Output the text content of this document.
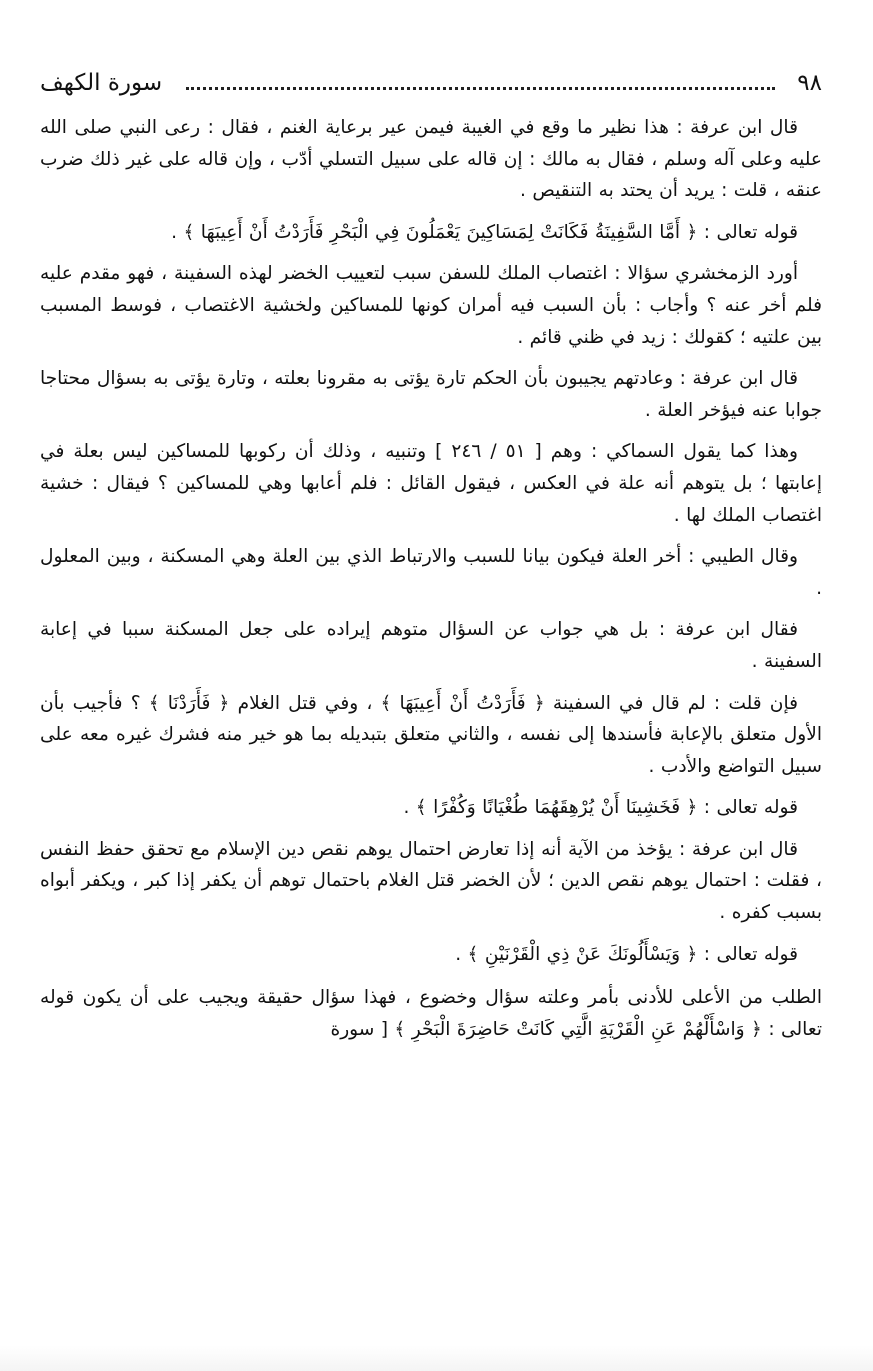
٩٨
سورة الكهف

قال ابن عرفة : هذا نظير ما وقع في الغيبة فيمن عير برعاية الغنم ، فقال : رعى النبي صلى الله عليه وعلى آله وسلم ، فقال به مالك : إن قاله على سبيل التسلي أدّب ، وإن قاله على غير ذلك ضرب عنقه ، قلت : يريد أن يحتد به التنقيص .

قوله تعالى : ﴿ أَمَّا السَّفِينَةُ فَكَانَتْ لِمَسَاكِينَ يَعْمَلُونَ فِي الْبَحْرِ فَأَرَدْتُ أَنْ أَعِيبَهَا ﴾ .

أورد الزمخشري سؤالا : اغتصاب الملك للسفن سبب لتعييب الخضر لهذه السفينة ، فهو مقدم عليه فلم أخر عنه ؟ وأجاب : بأن السبب فيه أمران كونها للمساكين ولخشية الاغتصاب ، فوسط المسبب بين علتيه ؛ كقولك : زيد في ظني قائم .

قال ابن عرفة : وعادتهم يجيبون بأن الحكم تارة يؤتى به مقرونا بعلته ، وتارة يؤتى به بسؤال محتاجا جوابا عنه فيؤخر العلة .

وهذا كما يقول السماكي : وهم [ ٥١ / ٢٤٦ ] وتنبيه ، وذلك أن ركوبها للمساكين ليس بعلة في إعابتها ؛ بل يتوهم أنه علة في العكس ، فيقول القائل : فلم أعابها وهي للمساكين ؟ فيقال : خشية اغتصاب الملك لها .

وقال الطيبي : أخر العلة فيكون بيانا للسبب والارتباط الذي بين العلة وهي المسكنة ، وبين المعلول .

فقال ابن عرفة : بل هي جواب عن السؤال متوهم إيراده على جعل المسكنة سببا في إعابة السفينة .

فإن قلت : لم قال في السفينة ﴿ فَأَرَدْتُ أَنْ أَعِيبَهَا ﴾ ، وفي قتل الغلام ﴿ فَأَرَدْنَا ﴾ ؟ فأجيب بأن الأول متعلق بالإعابة فأسندها إلى نفسه ، والثاني متعلق بتبديله بما هو خير منه فشرك غيره معه على سبيل التواضع والأدب .

قوله تعالى : ﴿ فَخَشِينَا أَنْ يُرْهِقَهُمَا طُغْيَانًا وَكُفْرًا ﴾ .

قال ابن عرفة : يؤخذ من الآية أنه إذا تعارض احتمال يوهم نقص دين الإسلام مع تحقق حفظ النفس ، فقلت : احتمال يوهم نقص الدين ؛ لأن الخضر قتل الغلام باحتمال توهم أن يكفر إذا كبر ، ويكفر أبواه بسبب كفره .

قوله تعالى : ﴿ وَيَسْأَلُونَكَ عَنْ ذِي الْقَرْنَيْنِ ﴾ .

الطلب من الأعلى للأدنى بأمر وعلته سؤال وخضوع ، فهذا سؤال حقيقة ويجيب على أن يكون قوله تعالى : ﴿ وَاسْأَلْهُمْ عَنِ الْقَرْيَةِ الَّتِي كَانَتْ حَاضِرَةَ الْبَحْرِ ﴾ [ سورة
